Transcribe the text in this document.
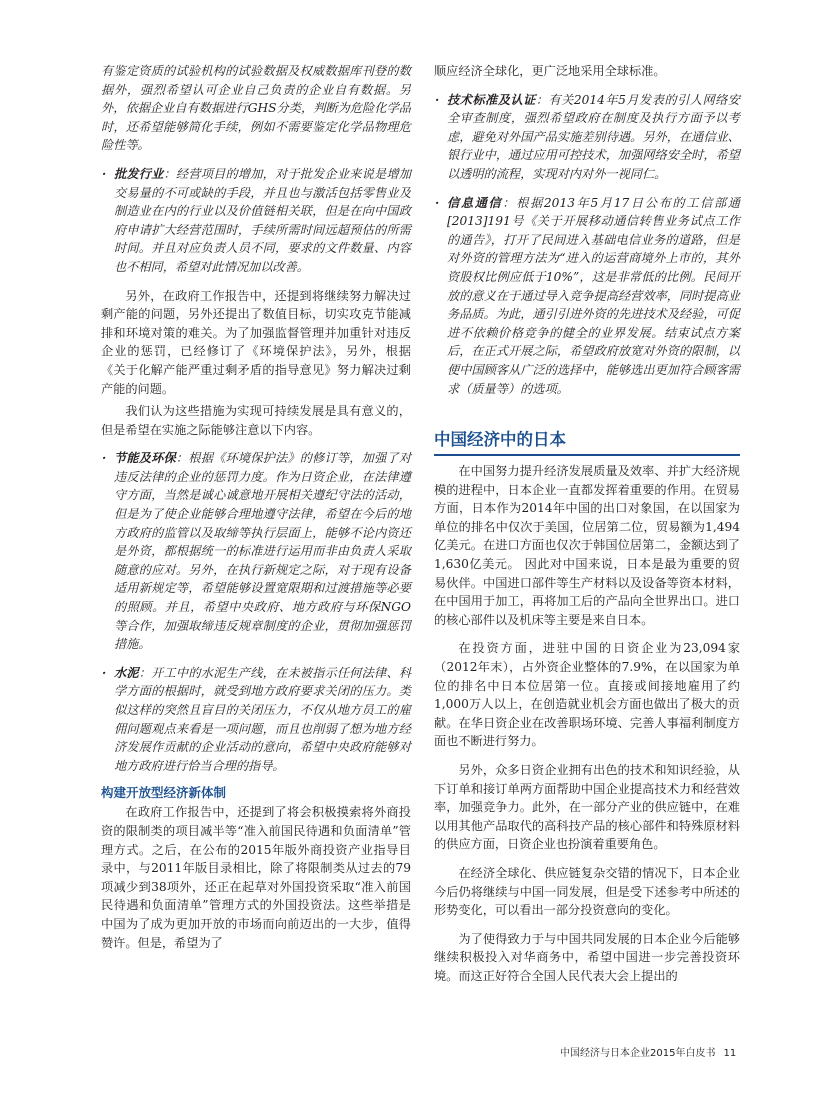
有鉴定资质的试验机构的试验数据及权威数据库刊登的数据外，强烈希望认可企业自己负责的企业自有数据。另外，依据企业自有数据进行GHS分类，判断为危险化学品时，还希望能够简化手续，例如不需要鉴定化学品物理危险性等。

· 批发行业：经营项目的增加，对于批发企业来说是增加交易量的不可或缺的手段，并且也与激活包括零售业及制造业在内的行业以及价值链相关联，但是在向中国政府申请扩大经营范围时，手续所需时间远超预估的所需时间。并且对应负责人员不同，要求的文件数量、内容也不相同，希望对此情况加以改善。

另外，在政府工作报告中，还提到将继续努力解决过剩产能的问题，另外还提出了数值目标，切实攻克节能减排和环境对策的难关。为了加强监督管理并加重针对违反企业的惩罚，已经修订了《环境保护法》，另外，根据《关于化解产能严重过剩矛盾的指导意见》努力解决过剩产能的问题。

我们认为这些措施为实现可持续发展是具有意义的，但是希望在实施之际能够注意以下内容。

· 节能及环保：根据《环境保护法》的修订等，加强了对违反法律的企业的惩罚力度。作为日资企业，在法律遵守方面，当然是诚心诚意地开展相关遵纪守法的活动，但是为了使企业能够合理地遵守法律，希望在今后的地方政府的监管以及取缔等执行层面上，能够不论内资还是外资，都根据统一的标准进行运用而非由负责人采取随意的应对。另外，在执行新规定之际，对于现有设备适用新规定等，希望能够设置宽限期和过渡措施等必要的照顾。并且，希望中央政府、地方政府与环保NGO等合作，加强取缔违反规章制度的企业，贯彻加强惩罚措施。
· 水泥：开工中的水泥生产线，在未被指示任何法律、科学方面的根据时，就受到地方政府要求关闭的压力。类似这样的突然且盲目的关闭压力，不仅从地方员工的雇佣问题观点来看是一项问题，而且也削弱了想为地方经济发展作贡献的企业活动的意向，希望中央政府能够对地方政府进行恰当合理的指导。
构建开放型经济新体制

在政府工作报告中，还提到了将会积极摸索将外商投资的限制类的项目减半等“准入前国民待遇和负面清单”管理方式。之后，在公布的2015年版外商投资产业指导目录中，与2011年版目录相比，除了将限制类从过去的79项减少到38项外，还正在起草对外国投资采取“准入前国民待遇和负面清单”管理方式的外国投资法。这些举措是中国为了成为更加开放的市场而向前迈出的一大步，值得赞许。但是，希望为了

顺应经济全球化，更广泛地采用全球标准。

· 技术标准及认证：有关2014年5月发表的引人网络安全审查制度，强烈希望政府在制度及执行方面予以考虑，避免对外国产品实施差别待遇。另外，在通信业、银行业中，通过应用可控技术，加强网络安全时，希望以透明的流程，实现对内对外一视同仁。
· 信息通信：根据2013年5月17日公布的工信部通[2013]191号《关于开展移动通信转售业务试点工作的通告》，打开了民间进入基础电信业务的道路，但是对外资的管理方法为“进入的运营商境外上市的，其外资股权比例应低于10%”，这是非常低的比例。民间开放的意义在于通过导入竞争提高经营效率，同时提高业务品质。为此，通引引进外资的先进技术及经验，可促进不依赖价格竞争的健全的业界发展。结束试点方案后，在正式开展之际，希望政府放宽对外资的限制，以便中国顾客从广泛的选择中，能够选出更加符合顾客需求（质量等）的选项。
中国经济中的日本

在中国努力提升经济发展质量及效率、并扩大经济规模的进程中，日本企业一直都发挥着重要的作用。在贸易方面，日本作为2014年中国的出口对象国，在以国家为单位的排名中仅次于美国，位居第二位，贸易额为1,494亿美元。在进口方面也仅次于韩国位居第二，金额达到了1,630亿美元。 因此对中国来说，日本是最为重要的贸易伙伴。中国进口部件等生产材料以及设备等资本材料，在中国用于加工，再将加工后的产品向全世界出口。进口的核心部件以及机床等主要是来自日本。

在投资方面，进驻中国的日资企业为23,094家（2012年末），占外资企业整体的7.9%，在以国家为单位的排名中日本位居第一位。直接或间接地雇用了约1,000万人以上，在创造就业机会方面也做出了极大的贡献。在华日资企业在改善职场环境、完善人事福利制度方面也不断进行努力。

另外，众多日资企业拥有出色的技术和知识经验，从下订单和接订单两方面帮助中国企业提高技术力和经营效率，加强竞争力。此外，在一部分产业的供应链中，在难以用其他产品取代的高科技产品的核心部件和特殊原材料的供应方面，日资企业也扮演着重要角色。

在经济全球化、供应链复杂交错的情况下，日本企业今后仍将继续与中国一同发展，但是受下述参考中所述的形势变化，可以看出一部分投资意向的变化。

为了使得致力于与中国共同发展的日本企业今后能够继续积极投入对华商务中，希望中国进一步完善投资环境。而这正好符合全国人民代表大会上提出的

中国经济与日本企业2015年白皮书 11
